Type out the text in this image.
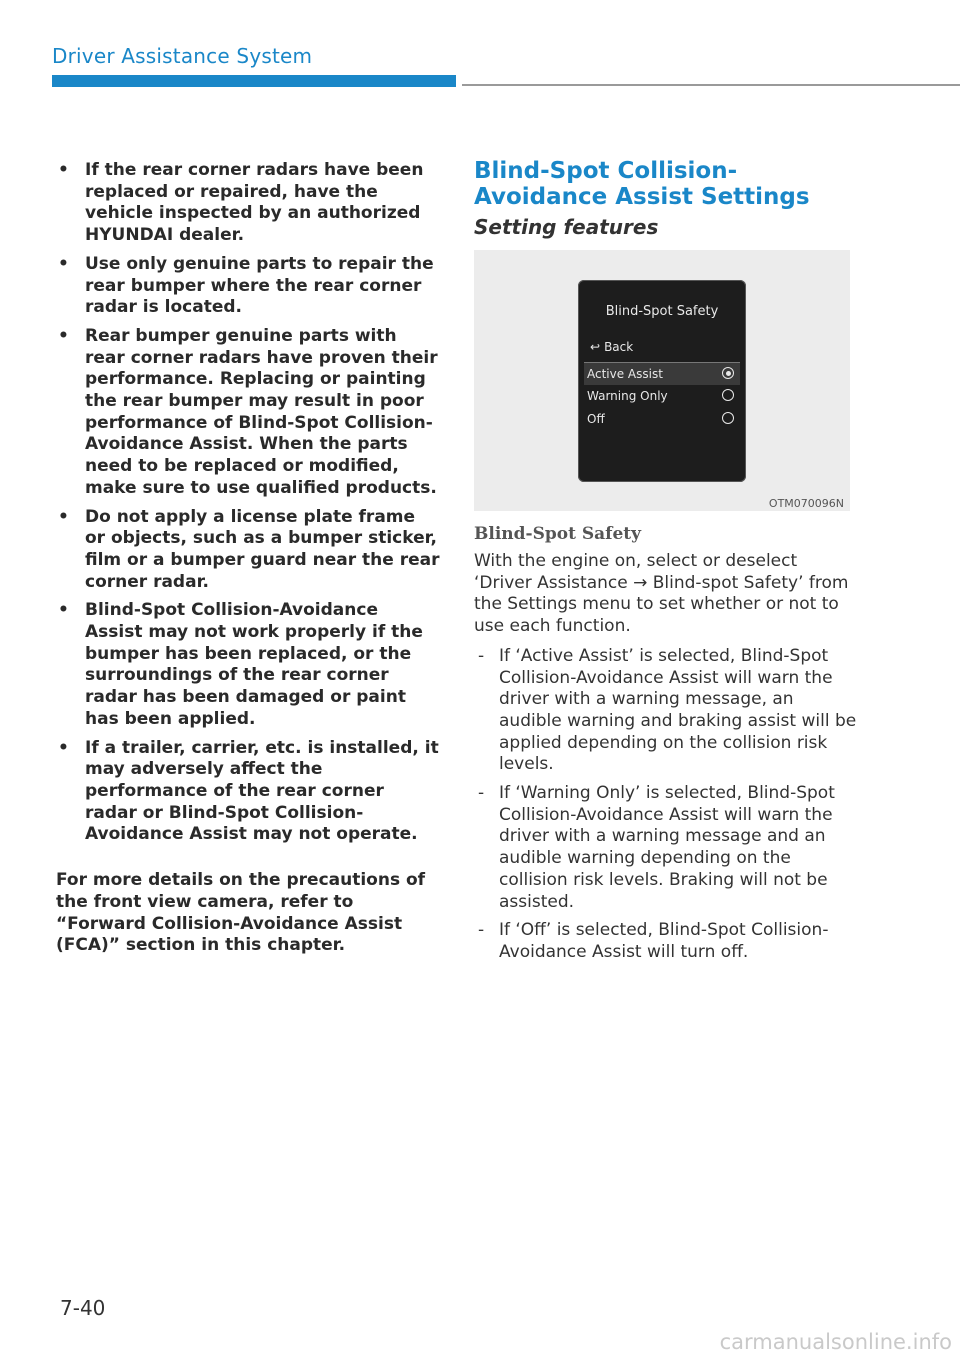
Driver Assistance System
• If the rear corner radars have been replaced or repaired, have the vehicle inspected by an authorized HYUNDAI dealer.
• Use only genuine parts to repair the rear bumper where the rear corner radar is located.
• Rear bumper genuine parts with rear corner radars have proven their performance. Replacing or painting the rear bumper may result in poor performance of Blind-Spot Collision-Avoidance Assist. When the parts need to be replaced or modified, make sure to use qualified products.
• Do not apply a license plate frame or objects, such as a bumper sticker, film or a bumper guard near the rear corner radar.
• Blind-Spot Collision-Avoidance Assist may not work properly if the bumper has been replaced, or the surroundings of the rear corner radar has been damaged or paint has been applied.
• If a trailer, carrier, etc. is installed, it may adversely affect the performance of the rear corner radar or Blind-Spot Collision-Avoidance Assist may not operate.
For more details on the precautions of the front view camera, refer to “Forward Collision-Avoidance Assist (FCA)” section in this chapter.
Blind-Spot Collision-Avoidance Assist Settings
Setting features
Blind-Spot Safety
↩ Back
Active Assist
Warning Only
Off
OTM070096N
Blind-Spot Safety
With the engine on, select or deselect ‘Driver Assistance → Blind-spot Safety’ from the Settings menu to set whether or not to use each function.
- If ‘Active Assist’ is selected, Blind-Spot Collision-Avoidance Assist will warn the driver with a warning message, an audible warning and braking assist will be applied depending on the collision risk levels.
- If ‘Warning Only’ is selected, Blind-Spot Collision-Avoidance Assist will warn the driver with a warning message and an audible warning depending on the collision risk levels. Braking will not be assisted.
- If ‘Off’ is selected, Blind-Spot Collision-Avoidance Assist will turn off.
7-40
carmanualsonline.info
